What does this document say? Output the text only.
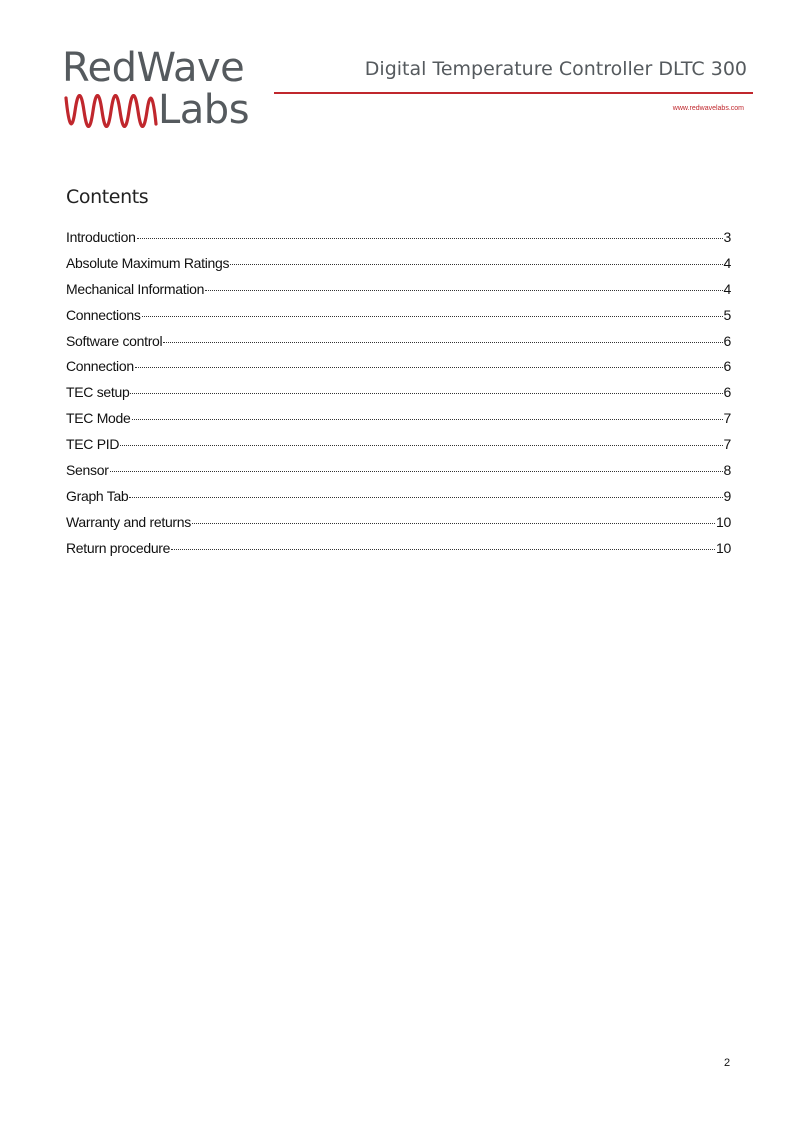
RedWave
Labs
Digital Temperature Controller DLTC 300
www.redwavelabs.com
Contents
Introduction	3
Absolute Maximum Ratings	4
Mechanical Information	4
Connections	5
Software control	6
Connection	6
TEC setup	6
TEC Mode	7
TEC PID	7
Sensor	8
Graph Tab	9
Warranty and returns	10
Return procedure	10
2
